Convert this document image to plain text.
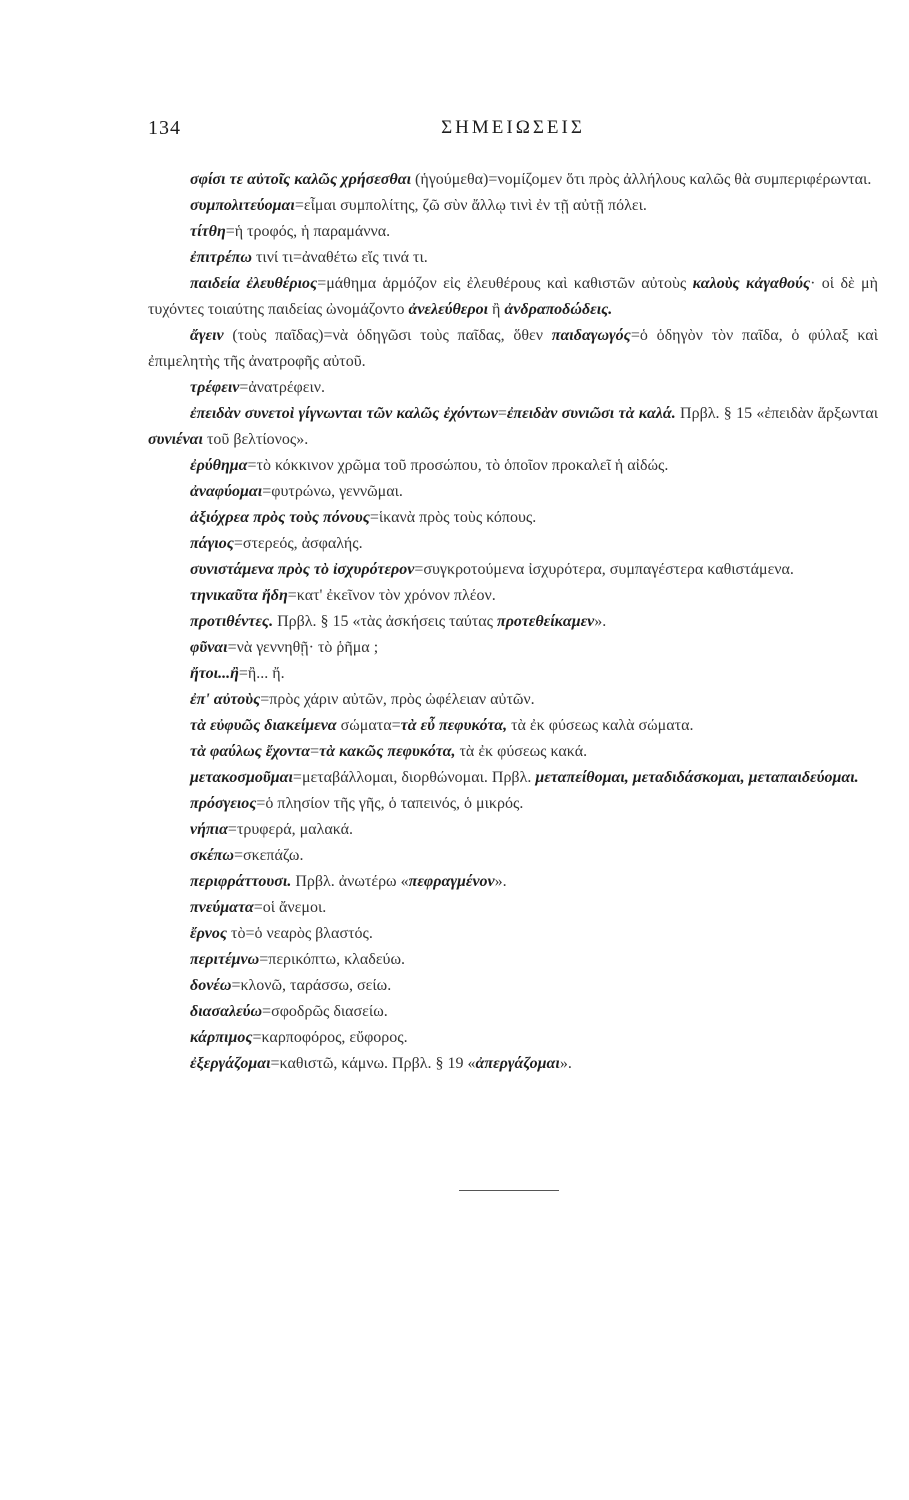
134	ΣΗΜΕΙΩΣΕΙΣ

σφίσι τε αὐτοῖς καλῶς χρήσεσθαι (ἡγούμεθα)=νομίζομεν ὅτι πρὸς ἀλλήλους καλῶς θὰ συμπεριφέρωνται.

συμπολιτεύομαι=εἶμαι συμπολίτης, ζῶ σὺν ἄλλῳ τινὶ ἐν τῇ αὐτῇ πόλει.

τίτθη=ἡ τροφός, ἡ παραμάννα.

ἐπιτρέπω τινί τι=ἀναθέτω εἴς τινά τι.

παιδεία ἐλευθέριος=μάθημα ἁρμόζον εἰς ἐλευθέρους καὶ καθιστῶν αὐτοὺς καλοὺς κἀγαθούς· οἱ δὲ μὴ τυχόντες τοιαύτης παιδείας ὠνομάζοντο ἀνελεύθεροι ἢ ἀνδραποδώδεις.

ἄγειν (τοὺς παῖδας)=νὰ ὁδηγῶσι τοὺς παῖδας, ὅθεν παιδαγωγός=ὁ ὁδηγὸν τὸν παῖδα, ὁ φύλαξ καὶ ἐπιμελητὴς τῆς ἀνατροφῆς αὐτοῦ.

τρέφειν=ἀνατρέφειν.

ἐπειδὰν συνετοὶ γίγνωνται τῶν καλῶς ἐχόντων=ἐπειδὰν συνιῶσι τὰ καλά. Πρβλ. § 15 «ἐπειδὰν ἄρξωνται συνιέναι τοῦ βελτίονος».

ἐρύθημα=τὸ κόκκινον χρῶμα τοῦ προσώπου, τὸ ὁποῖον προκαλεῖ ἡ αἰδώς.

ἀναφύομαι=φυτρώνω, γεννῶμαι.

ἀξιόχρεα πρὸς τοὺς πόνους=ἱκανὰ πρὸς τοὺς κόπους.

πάγιος=στερεός, ἀσφαλής.

συνιστάμενα πρὸς τὸ ἰσχυρότερον=συγκροτούμενα ἰσχυρότερα, συμπαγέστερα καθιστάμενα.

τηνικαῦτα ἤδη=κατ' ἐκεῖνον τὸν χρόνον πλέον.

προτιθέντες. Πρβλ. § 15 «τὰς ἀσκήσεις ταύτας προτεθείκαμεν».

φῦναι=νὰ γεννηθῇ· τὸ ῥῆμα ;

ἤτοι...ἢ=ἢ... ἤ.

ἐπ' αὐτοὺς=πρὸς χάριν αὐτῶν, πρὸς ὠφέλειαν αὐτῶν.

τὰ εὐφυῶς διακείμενα σώματα=τὰ εὖ πεφυκότα, τὰ ἐκ φύσεως καλὰ σώματα.

τὰ φαύλως ἔχοντα=τὰ κακῶς πεφυκότα, τὰ ἐκ φύσεως κακά.

μετακοσμοῦμαι=μεταβάλλομαι, διορθώνομαι. Πρβλ. μεταπείθομαι, μεταδιδάσκομαι, μεταπαιδεύομαι.

πρόσγειος=ὁ πλησίον τῆς γῆς, ὁ ταπεινός, ὁ μικρός.

νήπια=τρυφερά, μαλακά.

σκέπω=σκεπάζω.

περιφράττουσι. Πρβλ. ἀνωτέρω «πεφραγμένον».

πνεύματα=οἱ ἄνεμοι.

ἔρνος τὸ=ὁ νεαρὸς βλαστός.

περιτέμνω=περικόπτω, κλαδεύω.

δονέω=κλονῶ, ταράσσω, σείω.

διασαλεύω=σφοδρῶς διασείω.

κάρπιμος=καρποφόρος, εὔφορος.

ἐξεργάζομαι=καθιστῶ, κάμνω. Πρβλ. § 19 «ἀπεργάζομαι».
